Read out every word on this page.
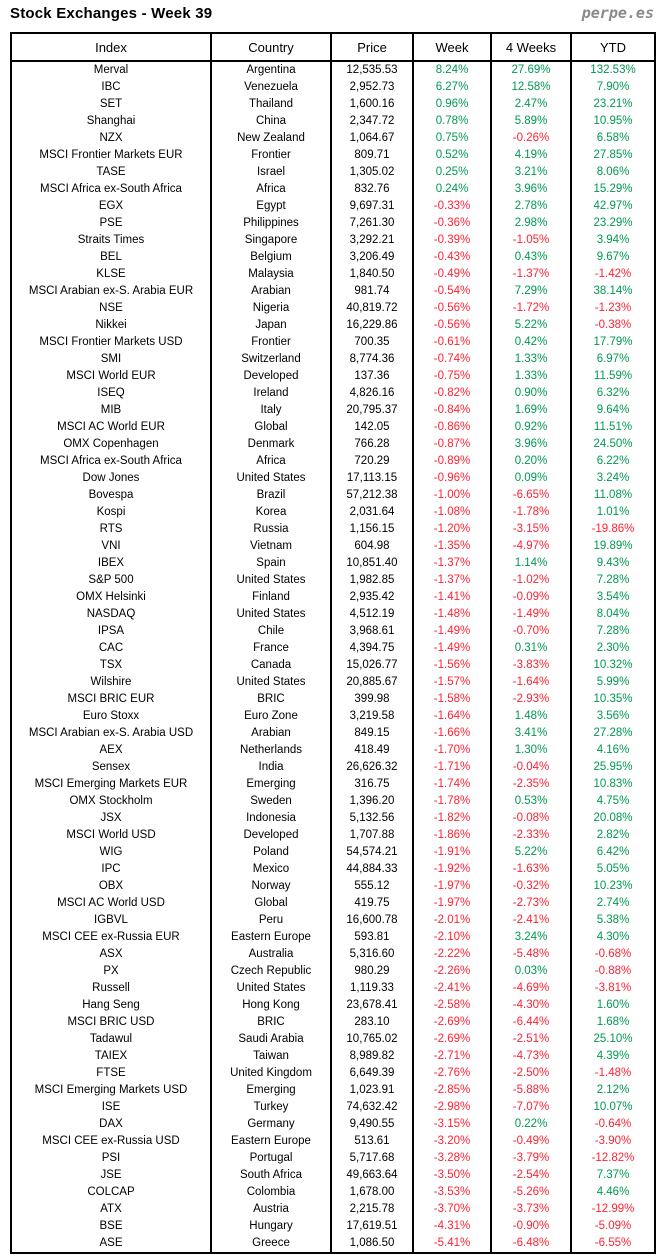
Stock Exchanges - Week 39	perpe.es
Index	Country	Price	Week	4 Weeks	YTD
Merval	Argentina	12,535.53	8.24%	27.69%	132.53%
IBC	Venezuela	2,952.73	6.27%	12.58%	7.90%
SET	Thailand	1,600.16	0.96%	2.47%	23.21%
Shanghai	China	2,347.72	0.78%	5.89%	10.95%
NZX	New Zealand	1,064.67	0.75%	-0.26%	6.58%
MSCI Frontier Markets EUR	Frontier	809.71	0.52%	4.19%	27.85%
TASE	Israel	1,305.02	0.25%	3.21%	8.06%
MSCI Africa ex-South Africa	Africa	832.76	0.24%	3.96%	15.29%
EGX	Egypt	9,697.31	-0.33%	2.78%	42.97%
PSE	Philippines	7,261.30	-0.36%	2.98%	23.29%
Straits Times	Singapore	3,292.21	-0.39%	-1.05%	3.94%
BEL	Belgium	3,206.49	-0.43%	0.43%	9.67%
KLSE	Malaysia	1,840.50	-0.49%	-1.37%	-1.42%
MSCI Arabian ex-S. Arabia EUR	Arabian	981.74	-0.54%	7.29%	38.14%
NSE	Nigeria	40,819.72	-0.56%	-1.72%	-1.23%
Nikkei	Japan	16,229.86	-0.56%	5.22%	-0.38%
MSCI Frontier Markets USD	Frontier	700.35	-0.61%	0.42%	17.79%
SMI	Switzerland	8,774.36	-0.74%	1.33%	6.97%
MSCI World EUR	Developed	137.36	-0.75%	1.33%	11.59%
ISEQ	Ireland	4,826.16	-0.82%	0.90%	6.32%
MIB	Italy	20,795.37	-0.84%	1.69%	9.64%
MSCI AC World EUR	Global	142.05	-0.86%	0.92%	11.51%
OMX Copenhagen	Denmark	766.28	-0.87%	3.96%	24.50%
MSCI Africa ex-South Africa	Africa	720.29	-0.89%	0.20%	6.22%
Dow Jones	United States	17,113.15	-0.96%	0.09%	3.24%
Bovespa	Brazil	57,212.38	-1.00%	-6.65%	11.08%
Kospi	Korea	2,031.64	-1.08%	-1.78%	1.01%
RTS	Russia	1,156.15	-1.20%	-3.15%	-19.86%
VNI	Vietnam	604.98	-1.35%	-4.97%	19.89%
IBEX	Spain	10,851.40	-1.37%	1.14%	9.43%
S&P 500	United States	1,982.85	-1.37%	-1.02%	7.28%
OMX Helsinki	Finland	2,935.42	-1.41%	-0.09%	3.54%
NASDAQ	United States	4,512.19	-1.48%	-1.49%	8.04%
IPSA	Chile	3,968.61	-1.49%	-0.70%	7.28%
CAC	France	4,394.75	-1.49%	0.31%	2.30%
TSX	Canada	15,026.77	-1.56%	-3.83%	10.32%
Wilshire	United States	20,885.67	-1.57%	-1.64%	5.99%
MSCI BRIC EUR	BRIC	399.98	-1.58%	-2.93%	10.35%
Euro Stoxx	Euro Zone	3,219.58	-1.64%	1.48%	3.56%
MSCI Arabian ex-S. Arabia USD	Arabian	849.15	-1.66%	3.41%	27.28%
AEX	Netherlands	418.49	-1.70%	1.30%	4.16%
Sensex	India	26,626.32	-1.71%	-0.04%	25.95%
MSCI Emerging Markets EUR	Emerging	316.75	-1.74%	-2.35%	10.83%
OMX Stockholm	Sweden	1,396.20	-1.78%	0.53%	4.75%
JSX	Indonesia	5,132.56	-1.82%	-0.08%	20.08%
MSCI World USD	Developed	1,707.88	-1.86%	-2.33%	2.82%
WIG	Poland	54,574.21	-1.91%	5.22%	6.42%
IPC	Mexico	44,884.33	-1.92%	-1.63%	5.05%
OBX	Norway	555.12	-1.97%	-0.32%	10.23%
MSCI AC World USD	Global	419.75	-1.97%	-2.73%	2.74%
IGBVL	Peru	16,600.78	-2.01%	-2.41%	5.38%
MSCI CEE ex-Russia EUR	Eastern Europe	593.81	-2.10%	3.24%	4.30%
ASX	Australia	5,316.60	-2.22%	-5.48%	-0.68%
PX	Czech Republic	980.29	-2.26%	0.03%	-0.88%
Russell	United States	1,119.33	-2.41%	-4.69%	-3.81%
Hang Seng	Hong Kong	23,678.41	-2.58%	-4.30%	1.60%
MSCI BRIC USD	BRIC	283.10	-2.69%	-6.44%	1.68%
Tadawul	Saudi Arabia	10,765.02	-2.69%	-2.51%	25.10%
TAIEX	Taiwan	8,989.82	-2.71%	-4.73%	4.39%
FTSE	United Kingdom	6,649.39	-2.76%	-2.50%	-1.48%
MSCI Emerging Markets USD	Emerging	1,023.91	-2.85%	-5.88%	2.12%
ISE	Turkey	74,632.42	-2.98%	-7.07%	10.07%
DAX	Germany	9,490.55	-3.15%	0.22%	-0.64%
MSCI CEE ex-Russia USD	Eastern Europe	513.61	-3.20%	-0.49%	-3.90%
PSI	Portugal	5,717.68	-3.28%	-3.79%	-12.82%
JSE	South Africa	49,663.64	-3.50%	-2.54%	7.37%
COLCAP	Colombia	1,678.00	-3.53%	-5.26%	4.46%
ATX	Austria	2,215.78	-3.70%	-3.73%	-12.99%
BSE	Hungary	17,619.51	-4.31%	-0.90%	-5.09%
ASE	Greece	1,086.50	-5.41%	-6.48%	-6.55%
